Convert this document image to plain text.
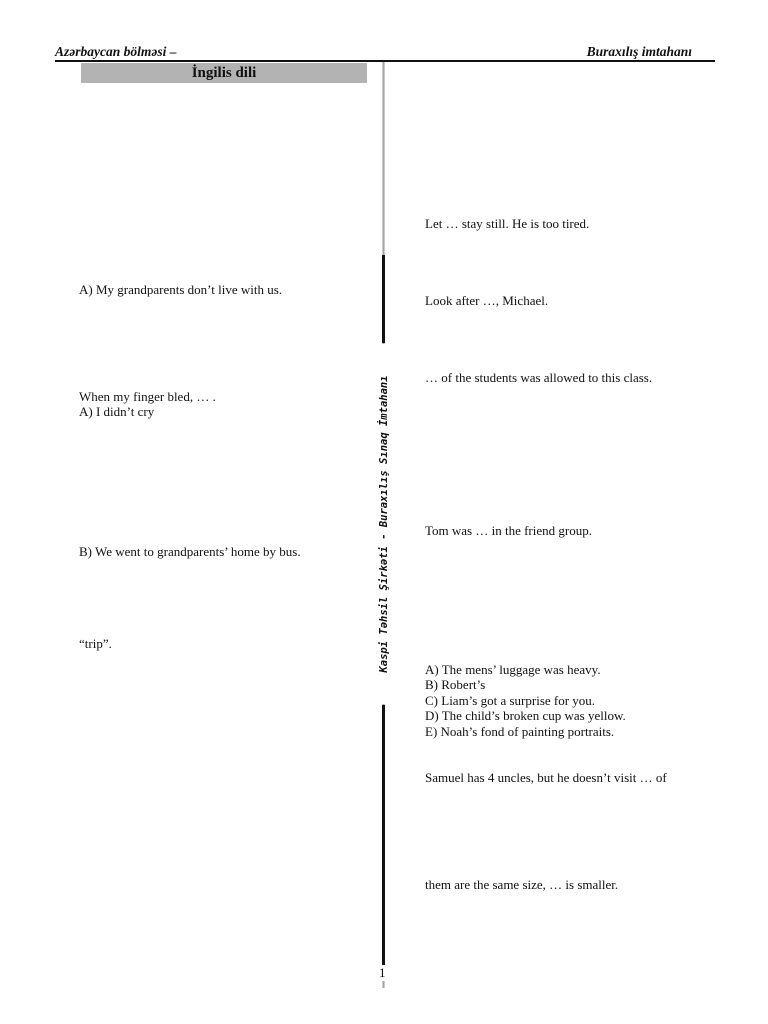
Azərbaycan bölməsi –	Buraxılış imtahanı
İngilis dili
Kaspi Təhsil Şirkəti - Buraxılış Sınaq İmtahanı
A) My grandparents don’t live with us.
When my finger bled, … .
A) I didn’t cry
B) We went to grandparents’ home by bus.
“trip”.
Let … stay still. He is too tired.
Look after …, Michael.
… of the students was allowed to this class.
Tom was … in the friend group.
A) The mens’ luggage was heavy.
B) Robert’s
C) Liam’s got a surprise for you.
D) The child’s broken cup was yellow.
E) Noah’s fond of painting portraits.
Samuel has 4 uncles, but he doesn’t visit … of
them are the same size, … is smaller.
1
